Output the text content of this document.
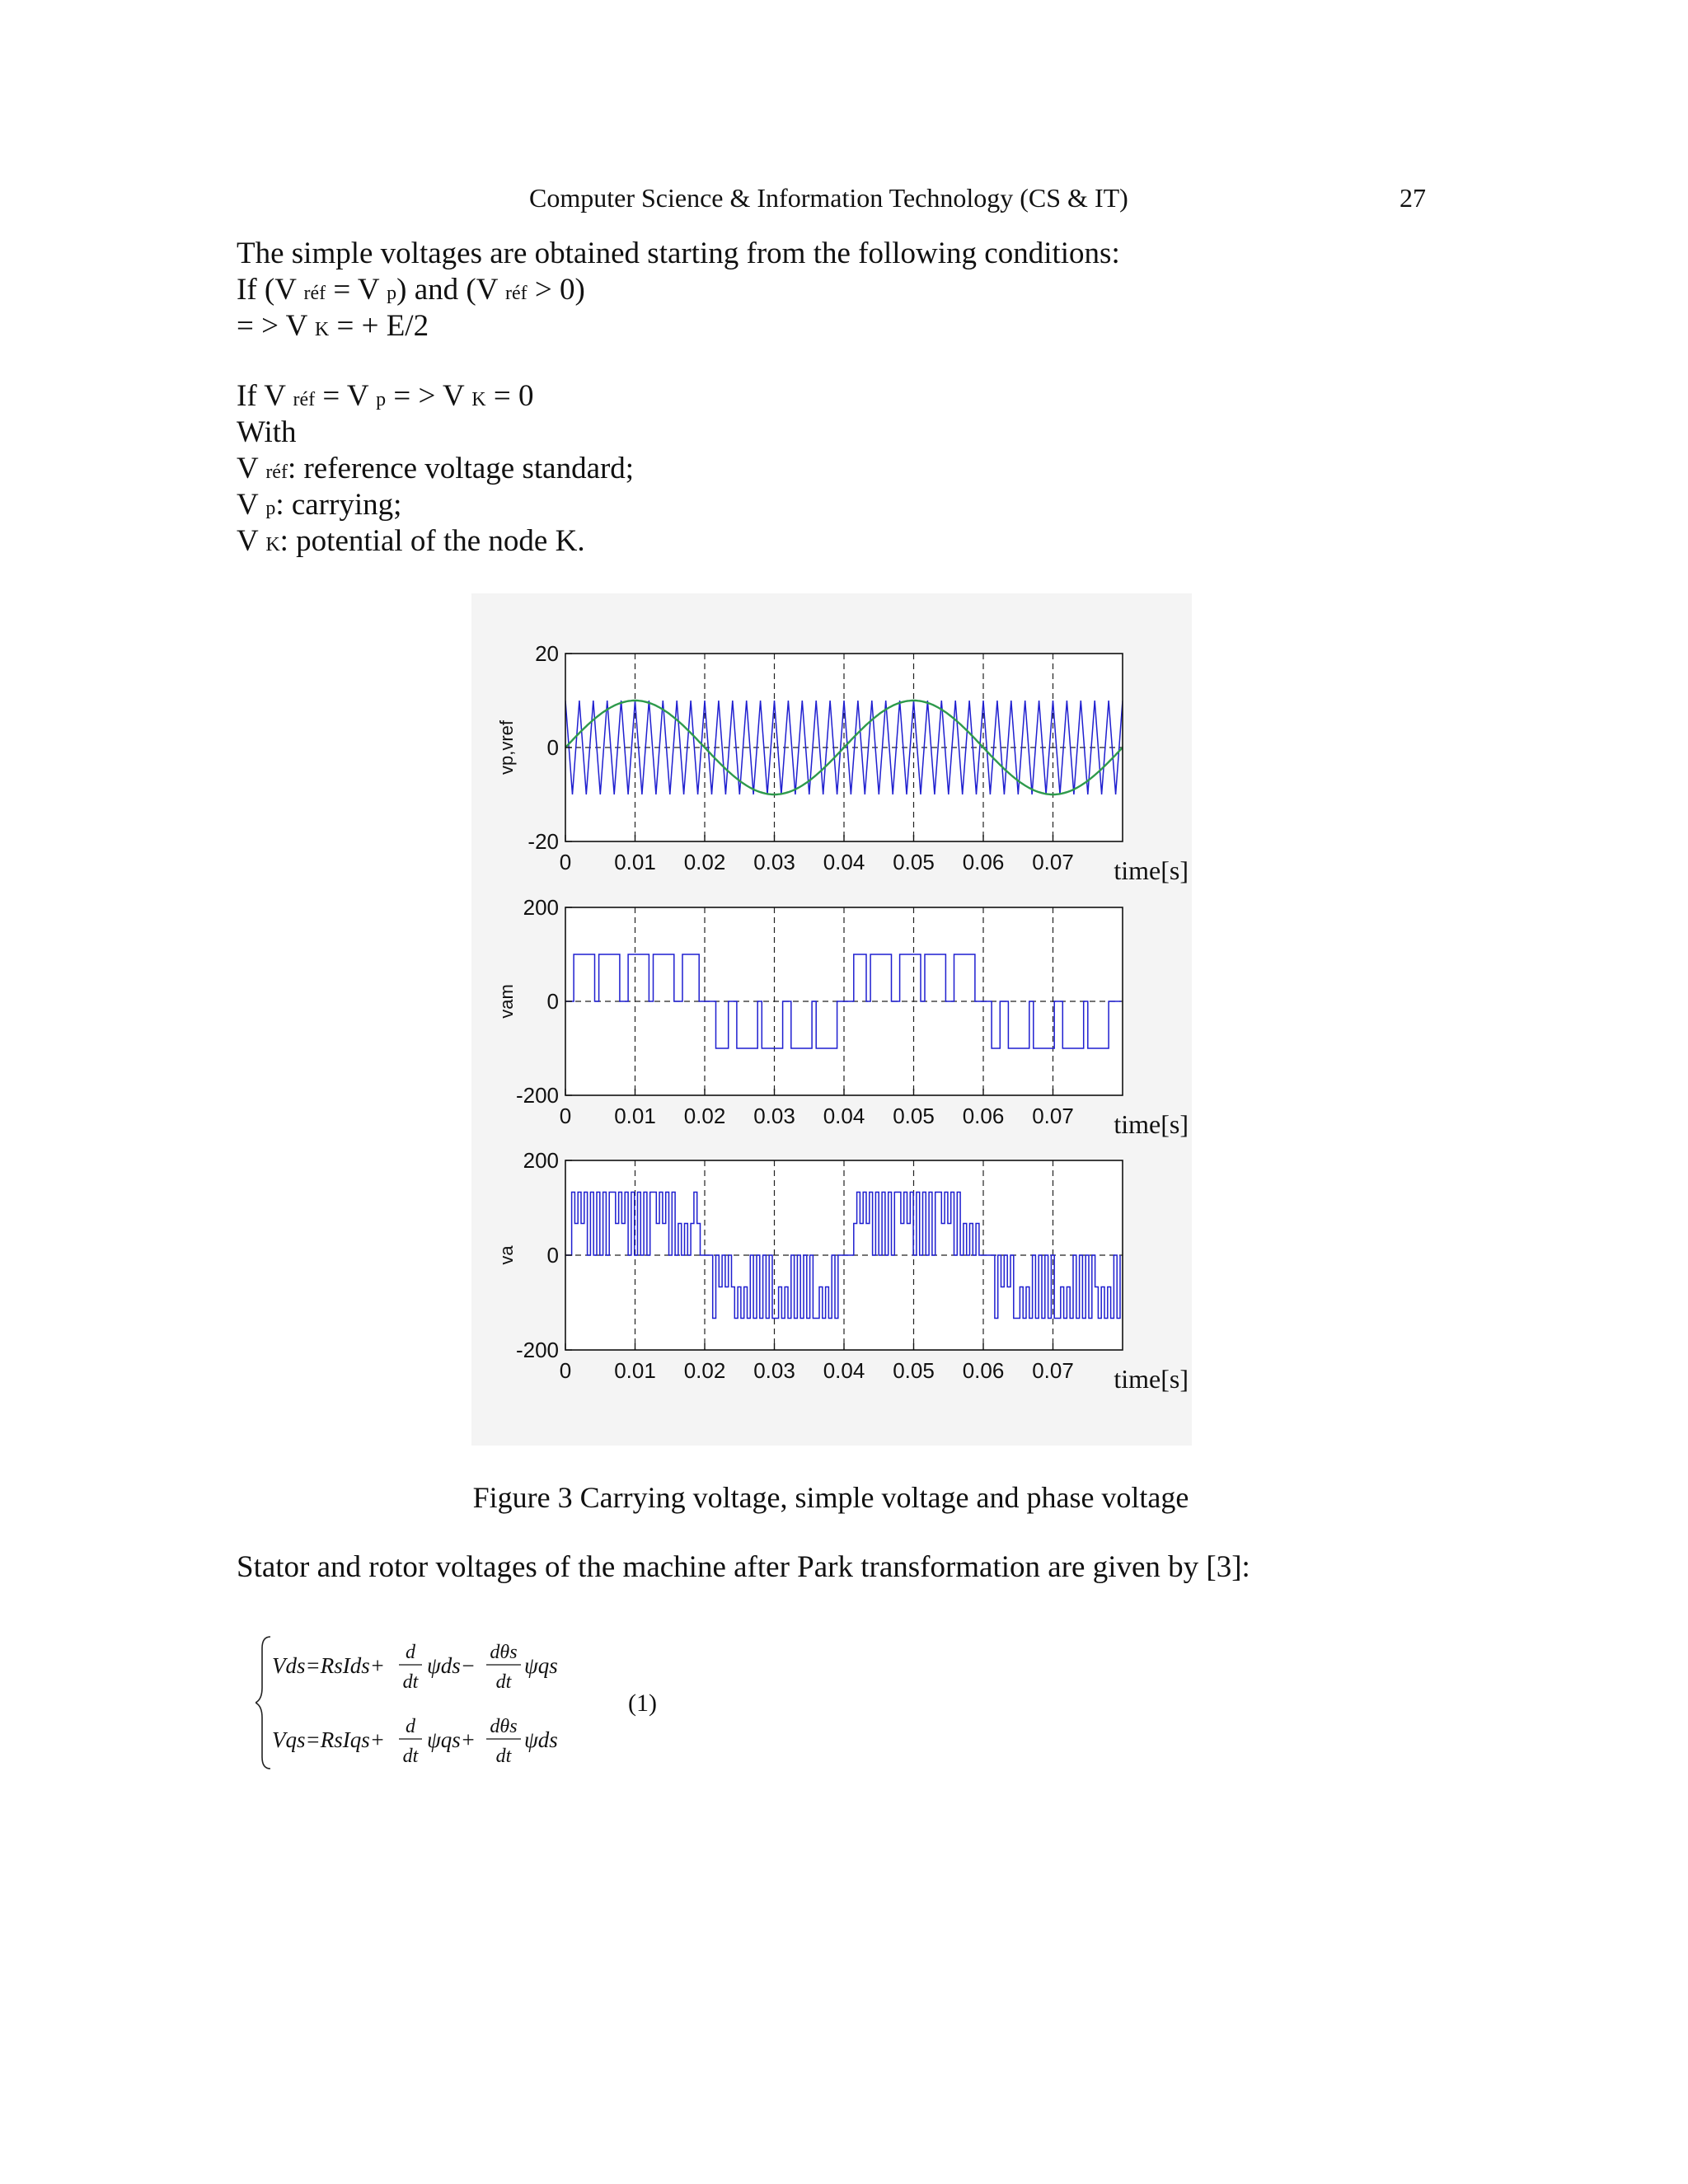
Computer Science & Information Technology (CS & IT)	27
The simple voltages are obtained starting from the following conditions:
If (V réf = V p) and (V réf > 0)
= > V K = + E/2
If V réf = V p = > V K = 0
With
V réf: reference voltage standard;
V p: carrying;
V K: potential of the node K.
20
0
-20
0 0.01 0.02 0.03 0.04 0.05 0.06 0.07
vp,vref
time[s]
200
0
-200
0 0.01 0.02 0.03 0.04 0.05 0.06 0.07
vam
time[s]
200
0
-200
0 0.01 0.02 0.03 0.04 0.05 0.06 0.07
va
time[s]
Figure 3 Carrying voltage, simple voltage and phase voltage
Stator and rotor voltages of the machine after Park transformation are given by [3]:
Vds=RsIds+
d
dt
ψds−
dθs
dt
ψqs
Vqs=RsIqs+
d
dt
ψqs+
dθs
dt
ψds
(1)
